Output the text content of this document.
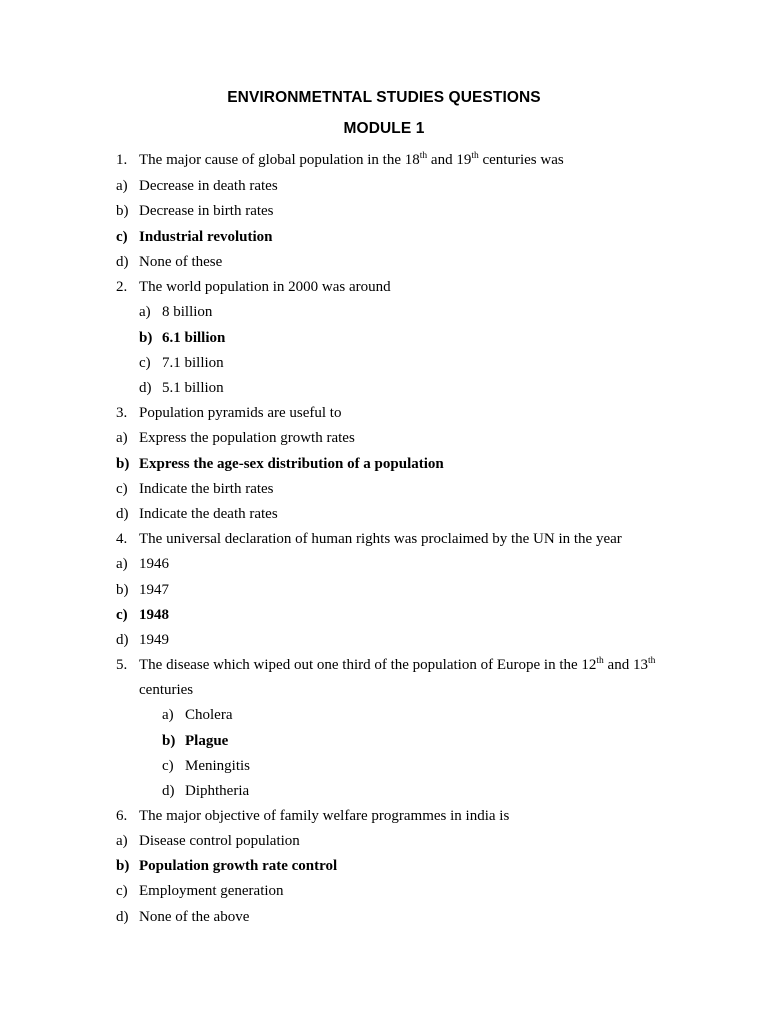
ENVIRONMETNTAL STUDIES QUESTIONS
MODULE 1
1. The major cause of global population in the 18th and 19th centuries was
a) Decrease in death rates
b) Decrease in birth rates
c) Industrial revolution
d) None of these
2. The world population in 2000 was around
a) 8 billion
b) 6.1 billion
c) 7.1 billion
d) 5.1 billion
3. Population pyramids are useful to
a) Express the population growth rates
b) Express the age-sex distribution of a population
c) Indicate the birth rates
d) Indicate the death rates
4. The universal declaration of human rights was proclaimed by the UN in the year
a) 1946
b) 1947
c) 1948
d) 1949
5. The disease which wiped out one third of the population of Europe in the 12th and 13th
centuries
a) Cholera
b) Plague
c) Meningitis
d) Diphtheria
6. The major objective of family welfare programmes in india is
a) Disease control population
b) Population growth rate control
c) Employment generation
d) None of the above
